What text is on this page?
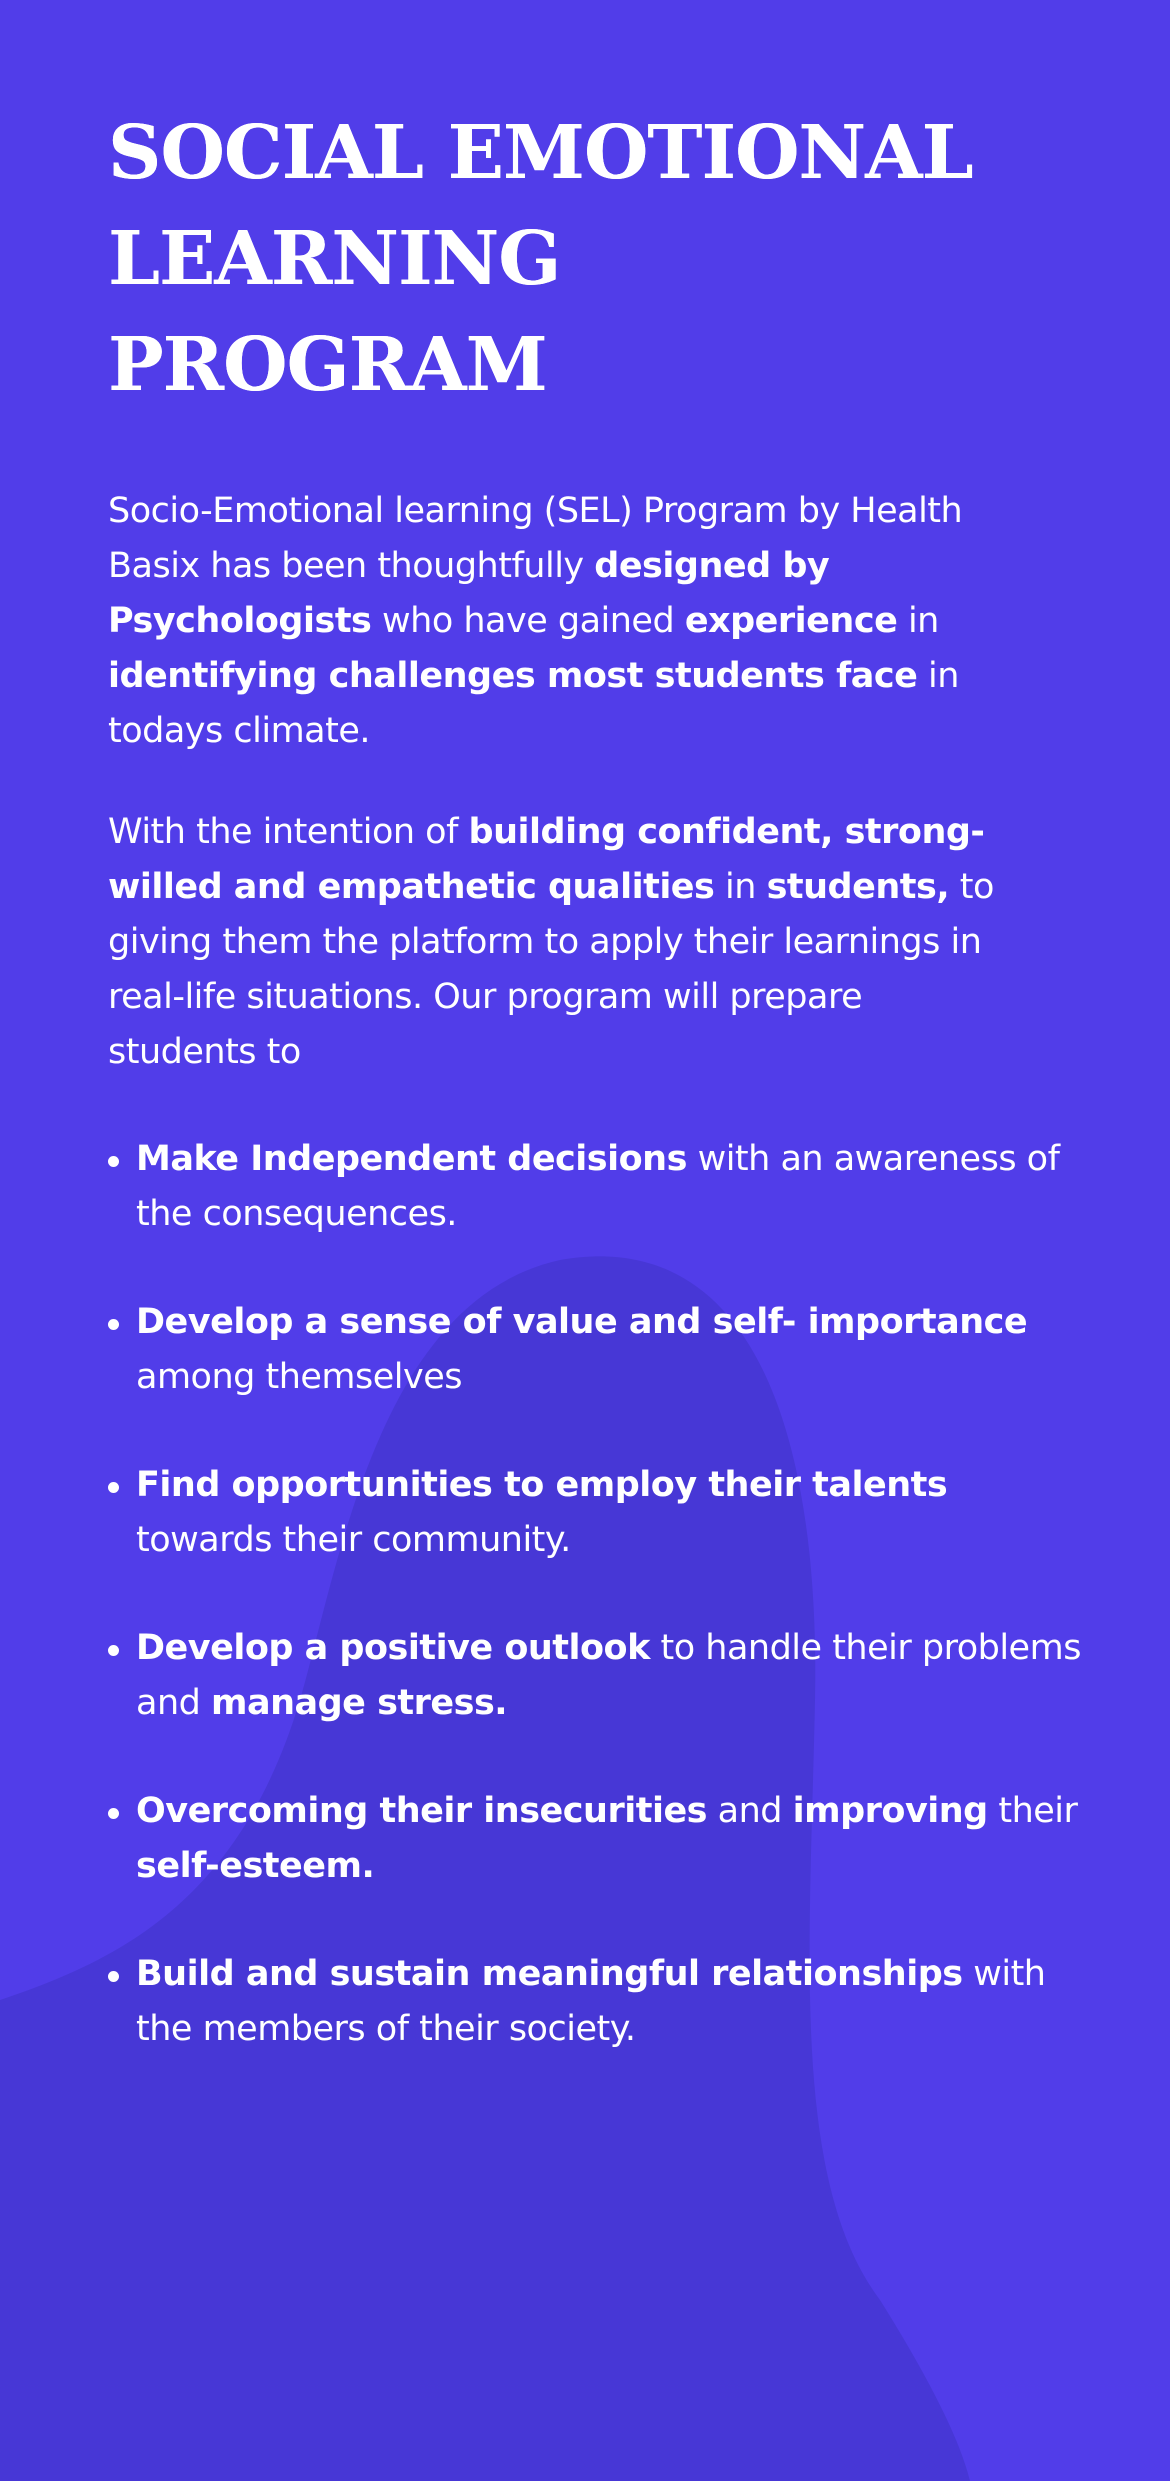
SOCIAL EMOTIONAL
LEARNING
PROGRAM

Socio-Emotional learning (SEL) Program by Health Basix has been thoughtfully designed by Psychologists who have gained experience in identifying challenges most students face in todays climate.

With the intention of building confident, strong-willed and empathetic qualities in students, to giving them the platform to apply their learnings in real-life situations. Our program will prepare students to

Make Independent decisions with an awareness of the consequences.
Develop a sense of value and self- importance among themselves
Find opportunities to employ their talents towards their community.
Develop a positive outlook to handle their problems and manage stress.
Overcoming their insecurities and improving their self-esteem.
Build and sustain meaningful relationships with the members of their society.
